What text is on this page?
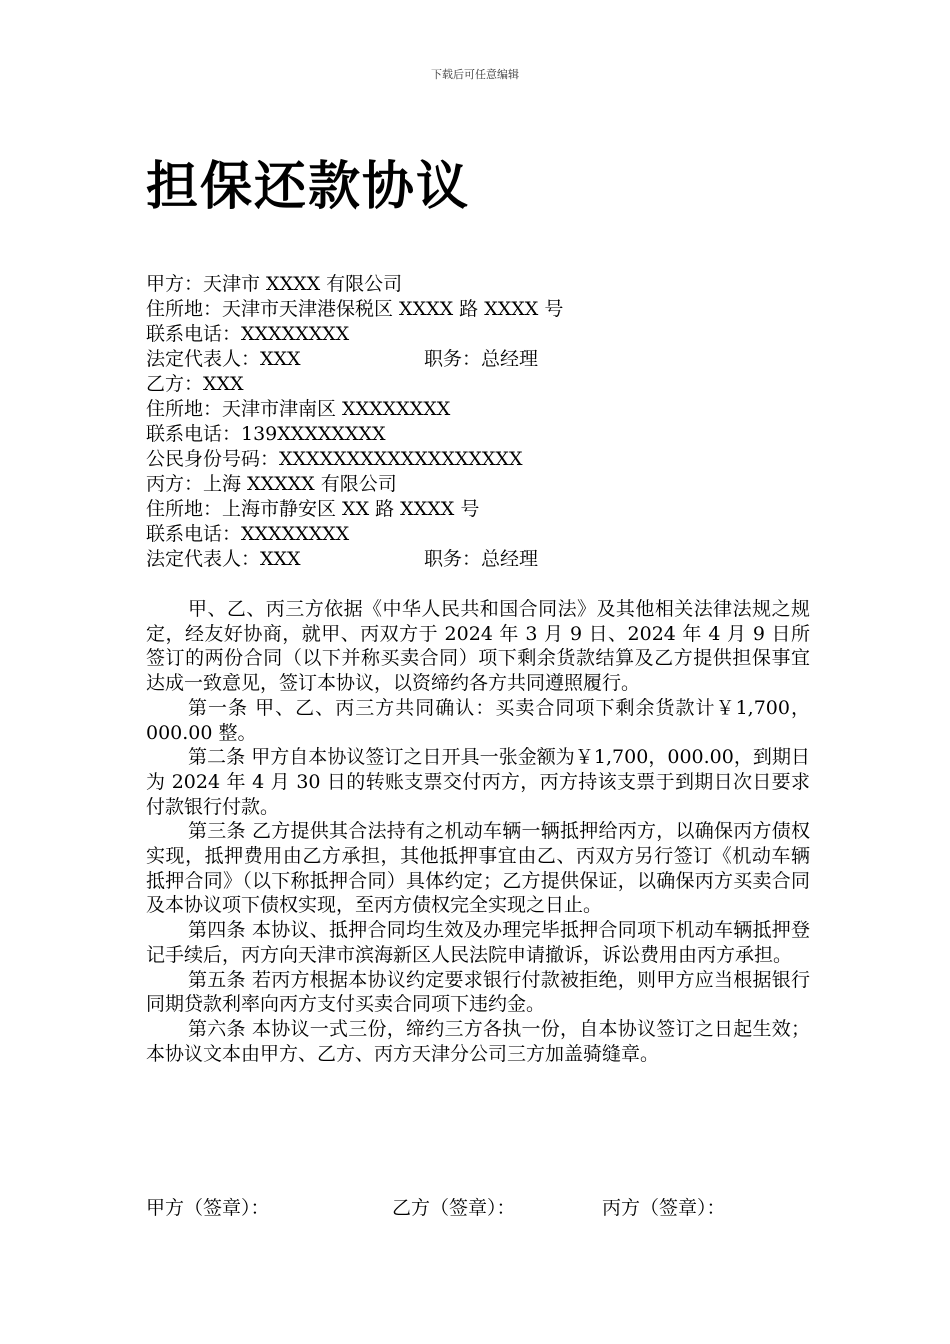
下载后可任意编辑
担保还款协议
甲方：天津市 XXXX 有限公司
住所地：天津市天津港保税区 XXXX 路 XXXX 号
联系电话：XXXXXXXX
法定代表人：XXX	职务：总经理
乙方：XXX
住所地：天津市津南区 XXXXXXXX
联系电话：139XXXXXXXX
公民身份号码：XXXXXXXXXXXXXXXXXX
丙方：上海 XXXXX 有限公司
住所地：上海市静安区 XX 路 XXXX 号
联系电话：XXXXXXXX
法定代表人：XXX	职务：总经理

甲、乙、丙三方依据《中华人民共和国合同法》及其他相关法律法规之规定，经友好协商，就甲、丙双方于 2024 年 3 月 9 日、2024 年 4 月 9 日所签订的两份合同（以下并称买卖合同）项下剩余货款结算及乙方提供担保事宜达成一致意见，签订本协议，以资缔约各方共同遵照履行。

第一条 甲、乙、丙三方共同确认：买卖合同项下剩余货款计￥1,700，000.00 整。

第二条 甲方自本协议签订之日开具一张金额为￥1,700，000.00，到期日为 2024 年 4 月 30 日的转账支票交付丙方，丙方持该支票于到期日次日要求付款银行付款。

第三条 乙方提供其合法持有之机动车辆一辆抵押给丙方，以确保丙方债权实现，抵押费用由乙方承担，其他抵押事宜由乙、丙双方另行签订《机动车辆抵押合同》（以下称抵押合同）具体约定；乙方提供保证，以确保丙方买卖合同及本协议项下债权实现，至丙方债权完全实现之日止。

第四条 本协议、抵押合同均生效及办理完毕抵押合同项下机动车辆抵押登记手续后，丙方向天津市滨海新区人民法院申请撤诉，诉讼费用由丙方承担。

第五条 若丙方根据本协议约定要求银行付款被拒绝，则甲方应当根据银行同期贷款利率向丙方支付买卖合同项下违约金。

第六条 本协议一式三份，缔约三方各执一份，自本协议签订之日起生效；本协议文本由甲方、乙方、丙方天津分公司三方加盖骑缝章。

甲方（签章）：	乙方（签章）：	丙方（签章）：
